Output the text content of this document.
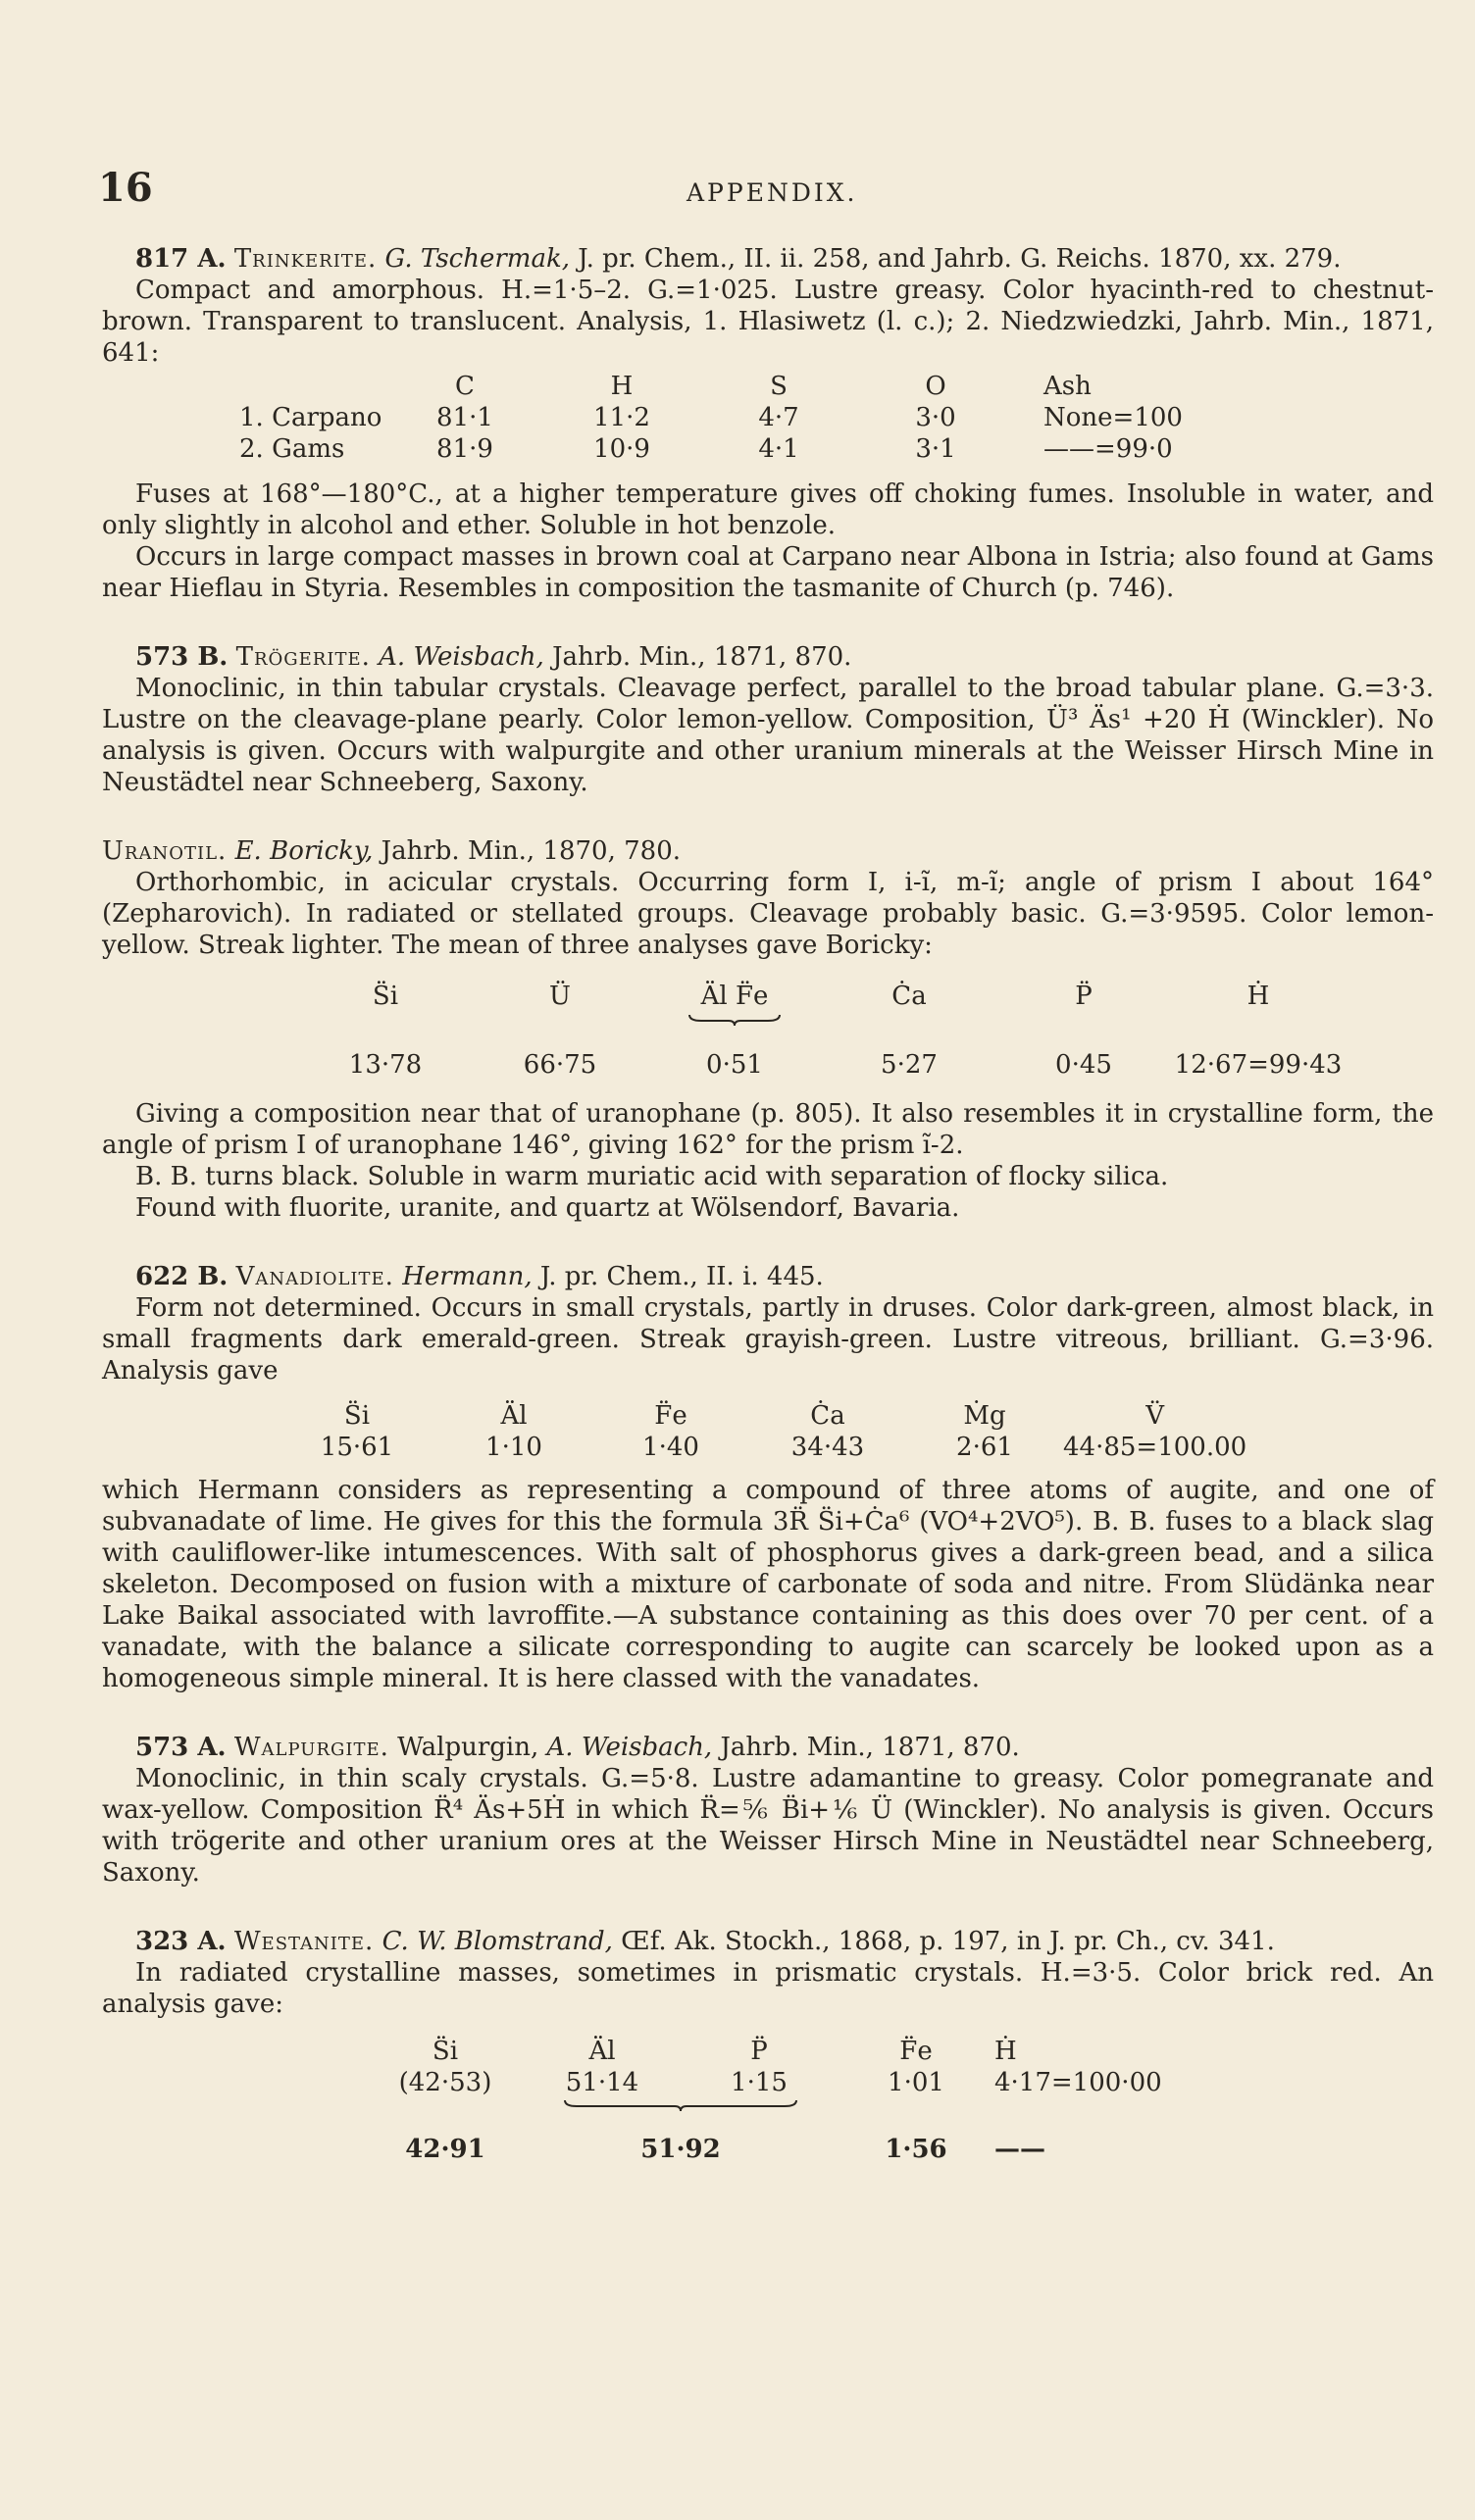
16	APPENDIX.

817 A. Trinkerite. G. Tschermak, J. pr. Chem., II. ii. 258, and Jahrb. G. Reichs. 1870, xx. 279.

Compact and amorphous. H.=1·5–2. G.=1·025. Lustre greasy. Color hyacinth-red to chestnut-brown. Transparent to translucent. Analysis, 1. Hlasiwetz (l. c.); 2. Niedzwiedzki, Jahrb. Min., 1871, 641:

	C	H	S	O	Ash
1. Carpano	81·1	11·2	4·7	3·0	None=100
2. Gams	81·9	10·9	4·1	3·1	——=99·0

Fuses at 168°—180°C., at a higher temperature gives off choking fumes. Insoluble in water, and only slightly in alcohol and ether. Soluble in hot benzole.

Occurs in large compact masses in brown coal at Carpano near Albona in Istria; also found at Gams near Hieflau in Styria. Resembles in composition the tasmanite of Church (p. 746).

573 B. Trögerite. A. Weisbach, Jahrb. Min., 1871, 870.

Monoclinic, in thin tabular crystals. Cleavage perfect, parallel to the broad tabular plane. G.=3·3. Lustre on the cleavage-plane pearly. Color lemon-yellow. Composition, Ü³ Äs¹ +20 Ḣ (Winckler). No analysis is given. Occurs with walpurgite and other uranium minerals at the Weisser Hirsch Mine in Neustädtel near Schneeberg, Saxony.

Uranotil. E. Boricky, Jahrb. Min., 1870, 780.

Orthorhombic, in acicular crystals. Occurring form I, i-ĩ, m-ĩ; angle of prism I about 164° (Zepharovich). In radiated or stellated groups. Cleavage probably basic. G.=3·9595. Color lemon-yellow. Streak lighter. The mean of three analyses gave Boricky:

S̈i	Ü	Äl F̈e	Ċa	P̈	Ḣ

13·78	66·75	0·51	5·27	0·45	12·67=99·43

Giving a composition near that of uranophane (p. 805). It also resembles it in crystalline form, the angle of prism I of uranophane 146°, giving 162° for the prism ĩ-2.

B. B. turns black. Soluble in warm muriatic acid with separation of flocky silica.

Found with fluorite, uranite, and quartz at Wölsendorf, Bavaria.

622 B. Vanadiolite. Hermann, J. pr. Chem., II. i. 445.

Form not determined. Occurs in small crystals, partly in druses. Color dark-green, almost black, in small fragments dark emerald-green. Streak grayish-green. Lustre vitreous, brilliant. G.=3·96. Analysis gave

S̈i	Äl	F̈e	Ċa	Ṁg	V̈
15·61	1·10	1·40	34·43	2·61	44·85=100.00

which Hermann considers as representing a compound of three atoms of augite, and one of subvanadate of lime. He gives for this the formula 3R̈ S̈i+Ċa⁶ (VO⁴+2VO⁵). B. B. fuses to a black slag with cauliflower-like intumescences. With salt of phosphorus gives a dark-green bead, and a silica skeleton. Decomposed on fusion with a mixture of carbonate of soda and nitre. From Slüdänka near Lake Baikal associated with lavroffite.—A substance containing as this does over 70 per cent. of a vanadate, with the balance a silicate corresponding to augite can scarcely be looked upon as a homogeneous simple mineral. It is here classed with the vanadates.

573 A. Walpurgite. Walpurgin, A. Weisbach, Jahrb. Min., 1871, 870.

Monoclinic, in thin scaly crystals. G.=5·8. Lustre adamantine to greasy. Color pomegranate and wax-yellow. Composition R̈⁴ Äs+5Ḣ in which R̈=⅚ B̈i+⅙ Ü (Winckler). No analysis is given. Occurs with trögerite and other uranium ores at the Weisser Hirsch Mine in Neustädtel near Schneeberg, Saxony.

323 A. Westanite. C. W. Blomstrand, Œf. Ak. Stockh., 1868, p. 197, in J. pr. Ch., cv. 341.

In radiated crystalline masses, sometimes in prismatic crystals. H.=3·5. Color brick red. An analysis gave:

S̈i	Äl	P̈	F̈e	Ḣ
(42·53)	51·14	1·15	1·01	4·17=100·00

42·91	51·92		1·56	——
